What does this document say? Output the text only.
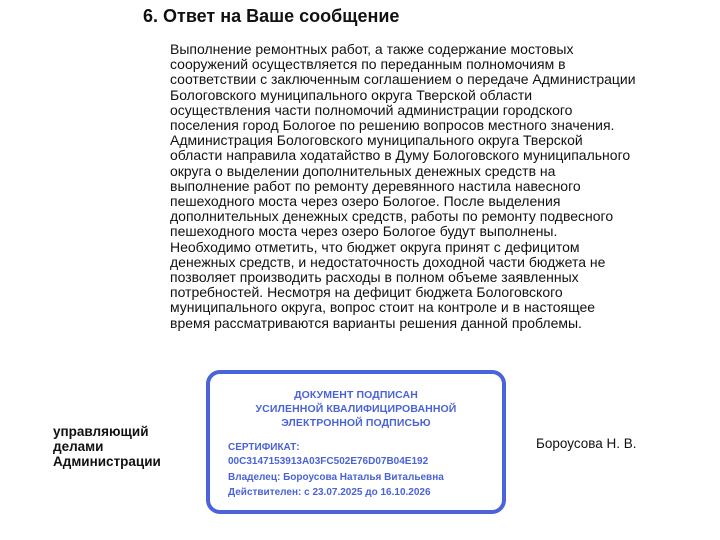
6. Ответ на Ваше сообщение
Выполнение ремонтных работ, а также содержание мостовых
сооружений осуществляется по переданным полномочиям в
соответствии с заключенным соглашением о передаче Администрации
Бологовского муниципального округа Тверской области
осуществления части полномочий администрации городского
поселения город Бологое по решению вопросов местного значения.
Администрация Бологовского муниципального округа Тверской
области направила ходатайство в Думу Бологовского муниципального
округа о выделении дополнительных денежных средств на
выполнение работ по ремонту деревянного настила навесного
пешеходного моста через озеро Бологое. После выделения
дополнительных денежных средств, работы по ремонту подвесного
пешеходного моста через озеро Бологое будут выполнены.
Необходимо отметить, что бюджет округа принят с дефицитом
денежных средств, и недостаточность доходной части бюджета не
позволяет производить расходы в полном объеме заявленных
потребностей. Несмотря на дефицит бюджета Бологовского
муниципального округа, вопрос стоит на контроле и в настоящее
время рассматриваются варианты решения данной проблемы.
управляющий
делами
Администрации
ДОКУМЕНТ ПОДПИСАН
УСИЛЕННОЙ КВАЛИФИЦИРОВАННОЙ
ЭЛЕКТРОННОЙ ПОДПИСЬЮ
СЕРТИФИКАТ:
00C3147153913A03FC502E76D07B04E192
Владелец: Бороусова Наталья Витальевна
Действителен: с 23.07.2025 до 16.10.2026
Бороусова Н. В.
